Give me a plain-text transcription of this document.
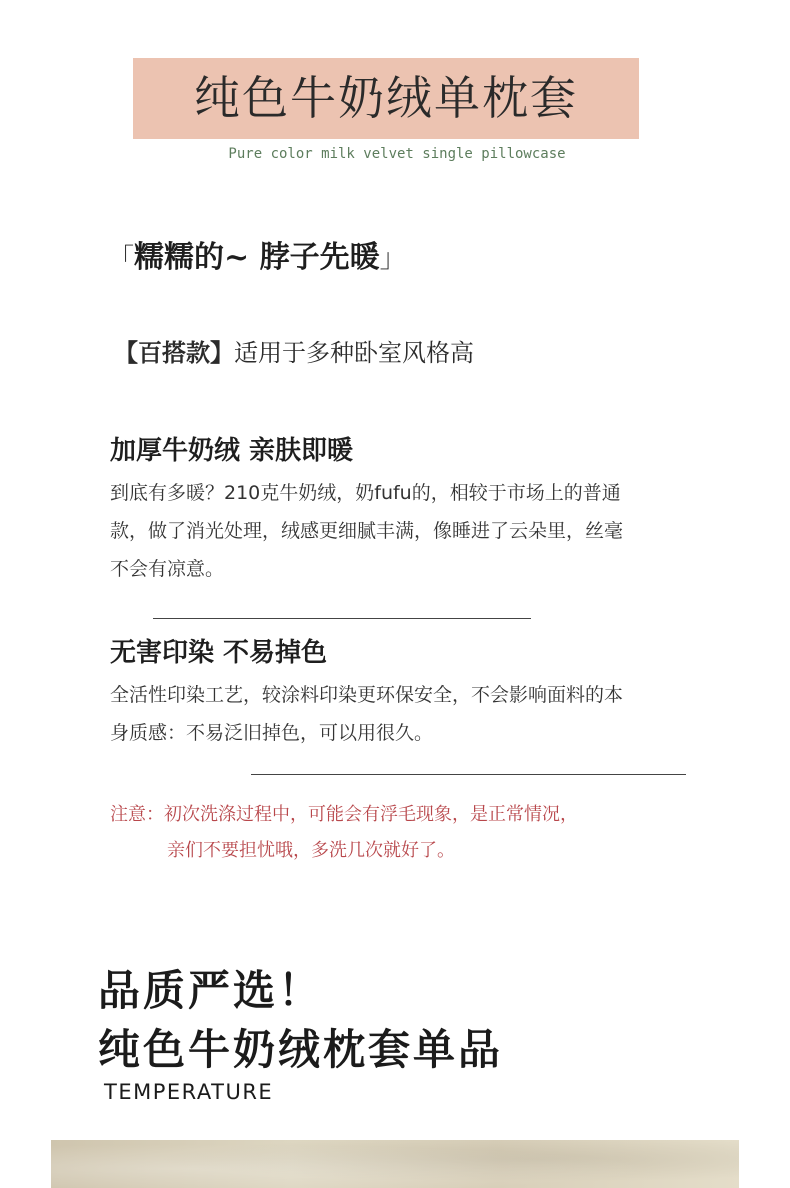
纯色牛奶绒单枕套
Pure color milk velvet single pillowcase
「糯糯的~ 脖子先暖」
【百搭款】适用于多种卧室风格高
加厚牛奶绒 亲肤即暖
到底有多暖？210克牛奶绒，奶fufu的，相较于市场上的普通
款，做了消光处理，绒感更细腻丰满，像睡进了云朵里，丝毫
不会有凉意。
无害印染 不易掉色
全活性印染工艺，较涂料印染更环保安全，不会影响面料的本
身质感：不易泛旧掉色，可以用很久。
注意：初次洗涤过程中，可能会有浮毛现象，是正常情况，
亲们不要担忧哦，多洗几次就好了。
品质严选！
纯色牛奶绒枕套单品
TEMPERATURE
